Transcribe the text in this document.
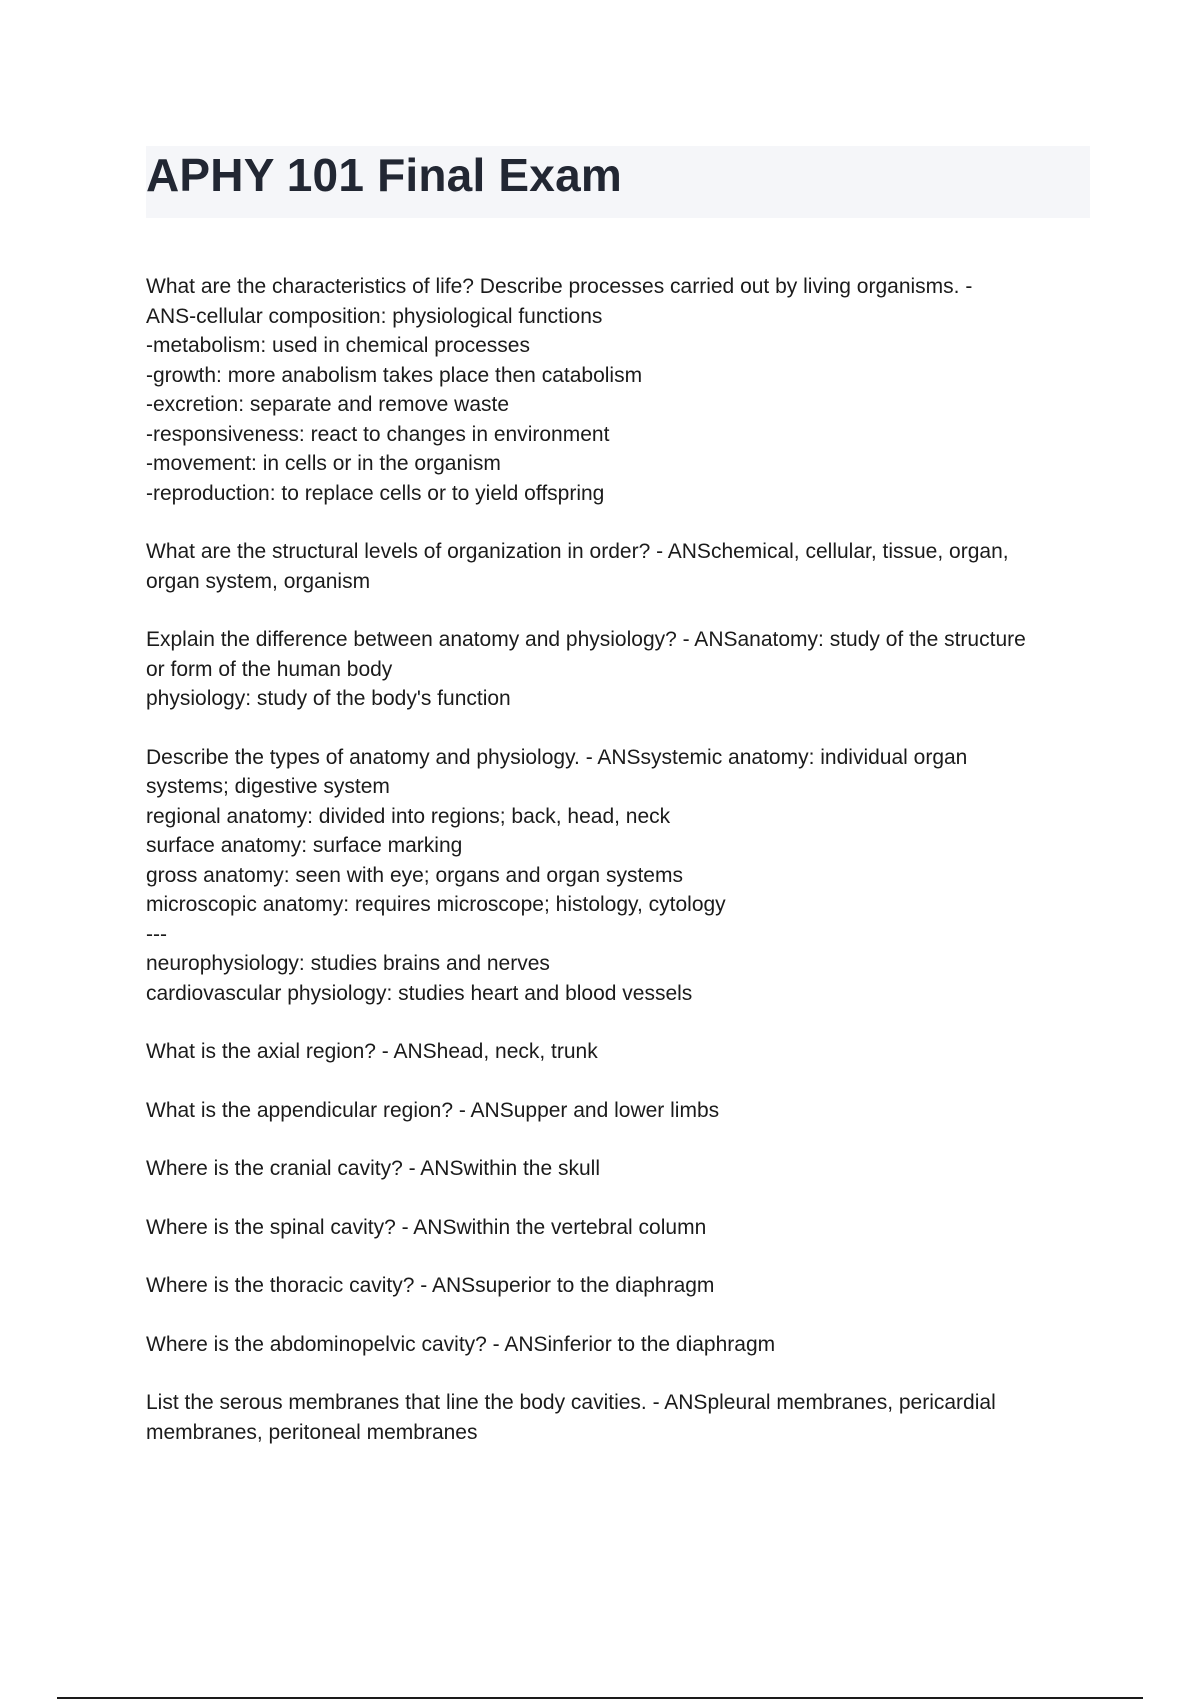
APHY 101 Final Exam
What are the characteristics of life? Describe processes carried out by living organisms. -
ANS-cellular composition: physiological functions
-metabolism: used in chemical processes
-growth: more anabolism takes place then catabolism
-excretion: separate and remove waste
-responsiveness: react to changes in environment
-movement: in cells or in the organism
-reproduction: to replace cells or to yield offspring
What are the structural levels of organization in order? - ANSchemical, cellular, tissue, organ,
organ system, organism
Explain the difference between anatomy and physiology? - ANSanatomy: study of the structure
or form of the human body
physiology: study of the body's function
Describe the types of anatomy and physiology. - ANSsystemic anatomy: individual organ
systems; digestive system
regional anatomy: divided into regions; back, head, neck
surface anatomy: surface marking
gross anatomy: seen with eye; organs and organ systems
microscopic anatomy: requires microscope; histology, cytology
---
neurophysiology: studies brains and nerves
cardiovascular physiology: studies heart and blood vessels
What is the axial region? - ANShead, neck, trunk
What is the appendicular region? - ANSupper and lower limbs
Where is the cranial cavity? - ANSwithin the skull
Where is the spinal cavity? - ANSwithin the vertebral column
Where is the thoracic cavity? - ANSsuperior to the diaphragm
Where is the abdominopelvic cavity? - ANSinferior to the diaphragm
List the serous membranes that line the body cavities. - ANSpleural membranes, pericardial
membranes, peritoneal membranes
